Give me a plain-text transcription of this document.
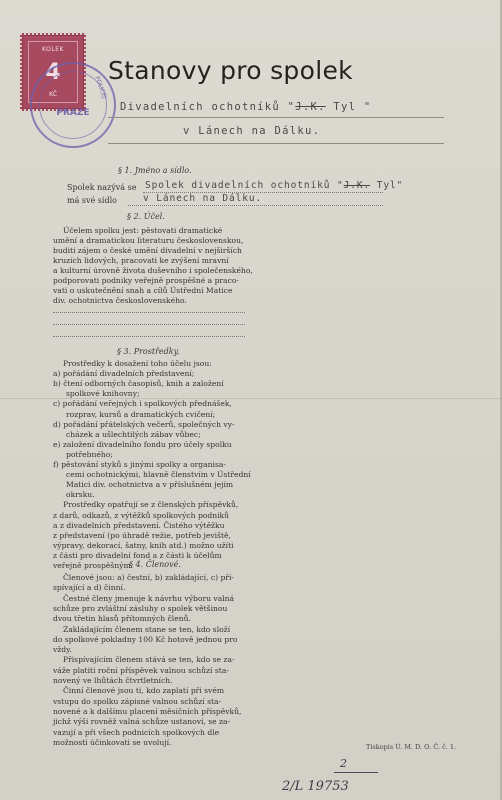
KOLEK
4
KČ	POLICEJ
PRAZE
Stanovy pro spolek
Divadelních ochotníků "J.K. Tyl "
v Lánech na Dálku.
§ 1. Jméno a sídlo.
Spolek nazývá se Spolek divadelních ochotníků "J.K. Tyl"
má své sídlo	v Lánech na Dálku.
§ 2. Účel.
Účelem spolku jest: pěstovati dramatické
umění a dramatickou literaturu československou,
buditi zájem o české umění divadelní v nejširších
kruzích lidových, pracovati ke zvýšení mravní
a kulturní úrovně života duševního i společenského,
podporovati podniky veřejně prospěšné a praco-
vati o uskutečnění snah a cílů Ústřední Matice
div. ochotnictva československého.
§ 3. Prostředky.
Prostředky k dosažení toho účelu jsou:
a) pořádání divadelních představení;
b) čtení odborných časopisů, knih a založení
spolkové knihovny;
c) pořádání veřejných i spolkových přednášek,
rozprav, kursů a dramatických cvičení;
d) pořádání přátelských večerů, společných vy-
cházek a ušlechtilých zábav vůbec;
e) založení divadelního fondu pro účely spolku
potřebného;
f) pěstování styků s jinými spolky a organisa-
cemi ochotnickými, hlavně členstvím v Ústřední
Matici div. ochotnictva a v příslušném jejím
okrsku.
Prostředky opatřují se z členských příspěvků,
z darů, odkazů, z výtěžků spolkových podniků
a z divadelních představení. Čistého výtěžku
z představení (po úhradě režie, potřeb jeviště,
výpravy, dekorací, šatny, knih atd.) možno užíti
z části pro divadelní fond a z části k účelům
veřejně prospěšným.
§ 4. Členové.
Členové jsou: a) čestní, b) zakládající, c) při-
spívající a d) činní.
Čestné členy jmenuje k návrhu výboru valná
schůze pro zvláštní zásluhy o spolek většinou
dvou třetin hlasů přítomných členů.
Zakládajícím členem stane se ten, kdo složí
do spolkové pokladny 100 Kč hotově jednou pro
vždy.
Přispívajícím členem stává se ten, kdo se za-
váže platiti roční příspěvek valnou schůzí sta-
novený ve lhůtách čtvrtletních.
Činní členové jsou ti, kdo zaplatí při svém
vstupu do spolku zápisné valnou schůzí sta-
novené a k dalšímu placení měsíčních příspěvků,
jichž výši rovněž valná schůze ustanoví, se za-
vazují a při všech podnicích spolkových dle
možnosti účinkovati se uvolují.
Tiskopis Ú. M. D. O. Č. č. 1.
2
2/L 19753
